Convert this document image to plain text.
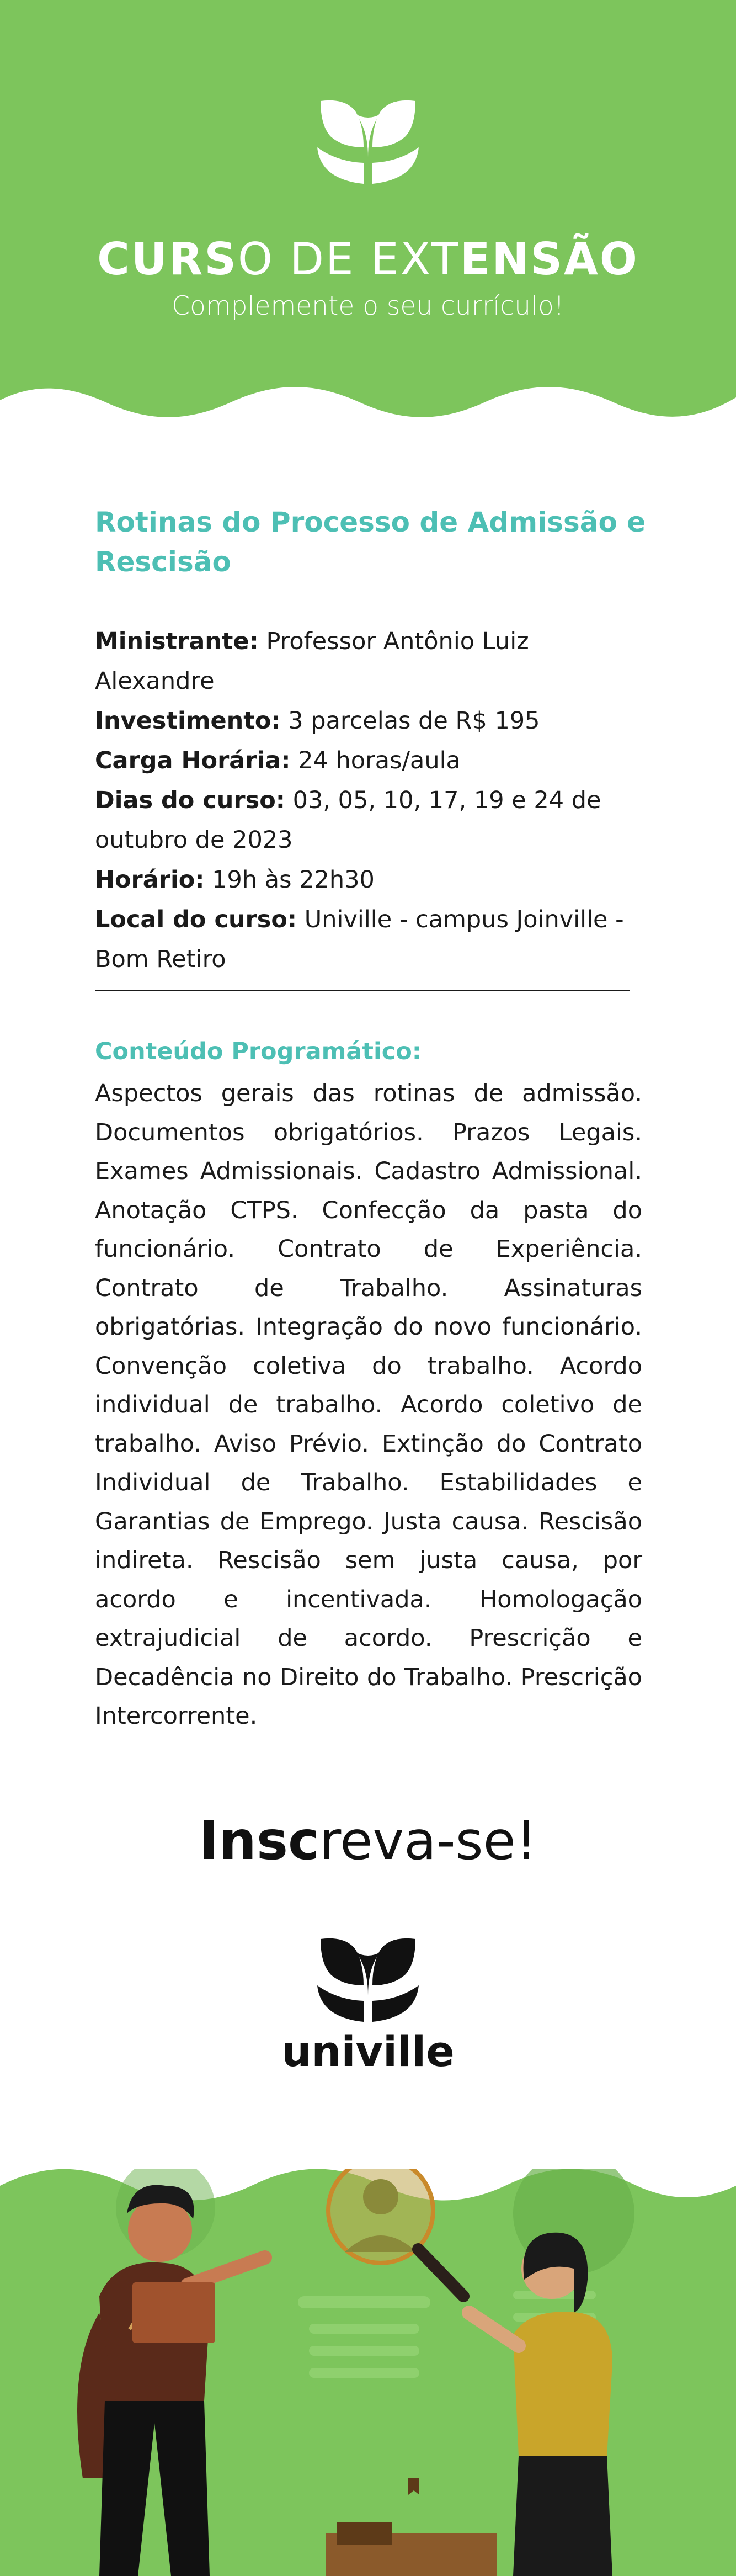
CURSO DE EXTENSÃO
Complemente o seu currículo!
Rotinas do Processo de Admissão e Rescisão

Ministrante: Professor Antônio Luiz Alexandre

Investimento: 3 parcelas de R$ 195

Carga Horária: 24 horas/aula

Dias do curso: 03, 05, 10, 17, 19 e 24 de outubro de 2023

Horário: 19h às 22h30

Local do curso: Univille - campus Joinville - Bom Retiro

Conteúdo Programático:

Aspectos gerais das rotinas de admissão. Documentos obrigatórios. Prazos Legais. Exames Admissionais. Cadastro Admissional. Anotação CTPS. Confecção da pasta do funcionário. Contrato de Experiência. Contrato de Trabalho. Assinaturas obrigatórias. Integração do novo funcionário. Convenção coletiva do trabalho. Acordo individual de trabalho. Acordo coletivo de trabalho. Aviso Prévio. Extinção do Contrato Individual de Trabalho. Estabilidades e Garantias de Emprego. Justa causa. Rescisão indireta. Rescisão sem justa causa, por acordo e incentivada. Homologação extrajudicial de acordo. Prescrição e Decadência no Direito do Trabalho. Prescrição Intercorrente.

Inscreva-se!
univille
